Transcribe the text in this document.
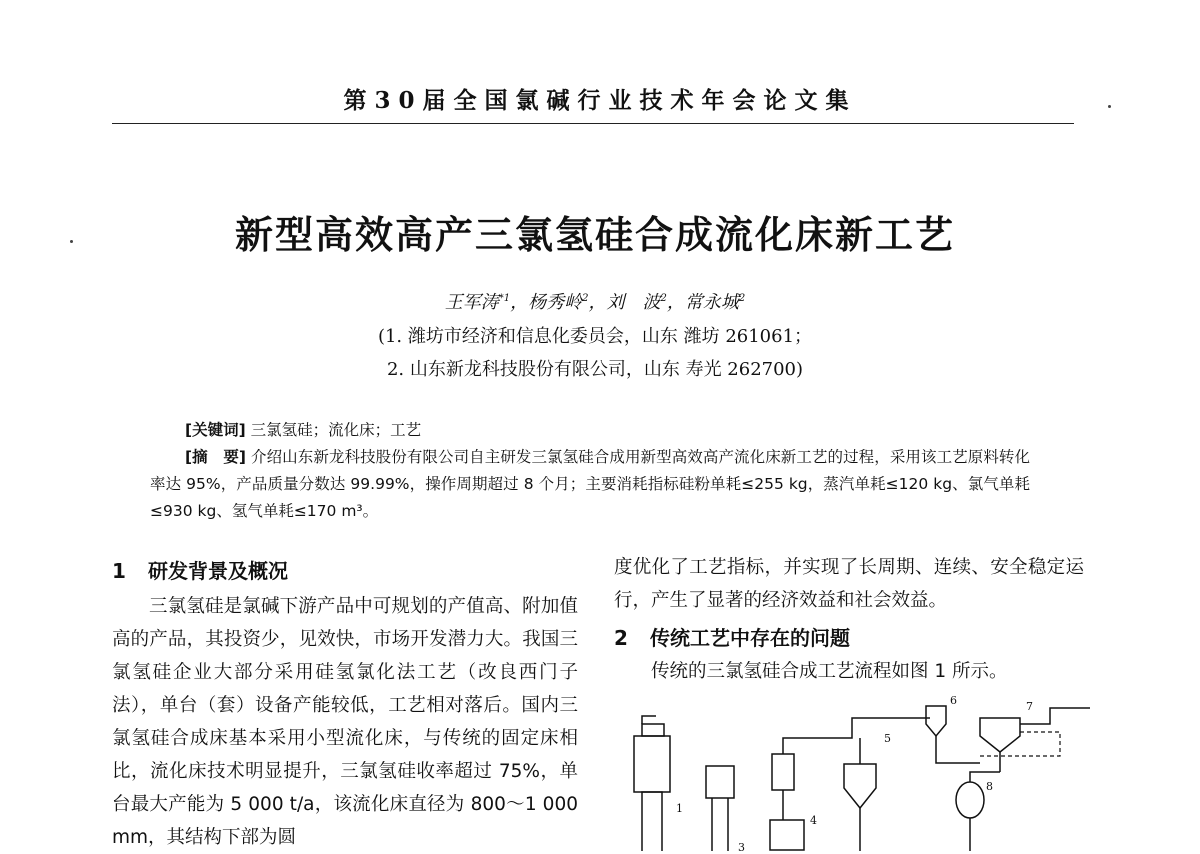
第30届全国氯碱行业技术年会论文集
新型高效高产三氯氢硅合成流化床新工艺
王军涛$^{*1}$，杨秀岭$^2$，刘　波$^2$，常永城$^2$
(1. 潍坊市经济和信息化委员会，山东 潍坊 261061；
2. 山东新龙科技股份有限公司，山东 寿光 262700)
[关键词] 三氯氢硅；流化床；工艺
[摘　要] 介绍山东新龙科技股份有限公司自主研发三氯氢硅合成用新型高效高产流化床新工艺的过程，采用该工艺原料转化率达 95%，产品质量分数达 99.99%，操作周期超过 8 个月；主要消耗指标硅粉单耗≤255 kg，蒸汽单耗≤120 kg、氯气单耗≤930 kg、氢气单耗≤170 m³。
1 研发背景及概况

三氯氢硅是氯碱下游产品中可规划的产值高、附加值高的产品，其投资少，见效快，市场开发潜力大。我国三氯氢硅企业大部分采用硅氢氯化法工艺（改良西门子法），单台（套）设备产能较低，工艺相对落后。国内三氯氢硅合成床基本采用小型流化床，与传统的固定床相比，流化床技术明显提升，三氯氢硅收率超过 75%，单台最大产能为 5 000 t/a，该流化床直径为 800～1 000 mm，其结构下部为圆

度优化了工艺指标，并实现了长周期、连续、安全稳定运行，产生了显著的经济效益和社会效益。

2 传统工艺中存在的问题
传统的三氯氢硅合成工艺流程如图 1 所示。
1
3
4
5
6	7
8
